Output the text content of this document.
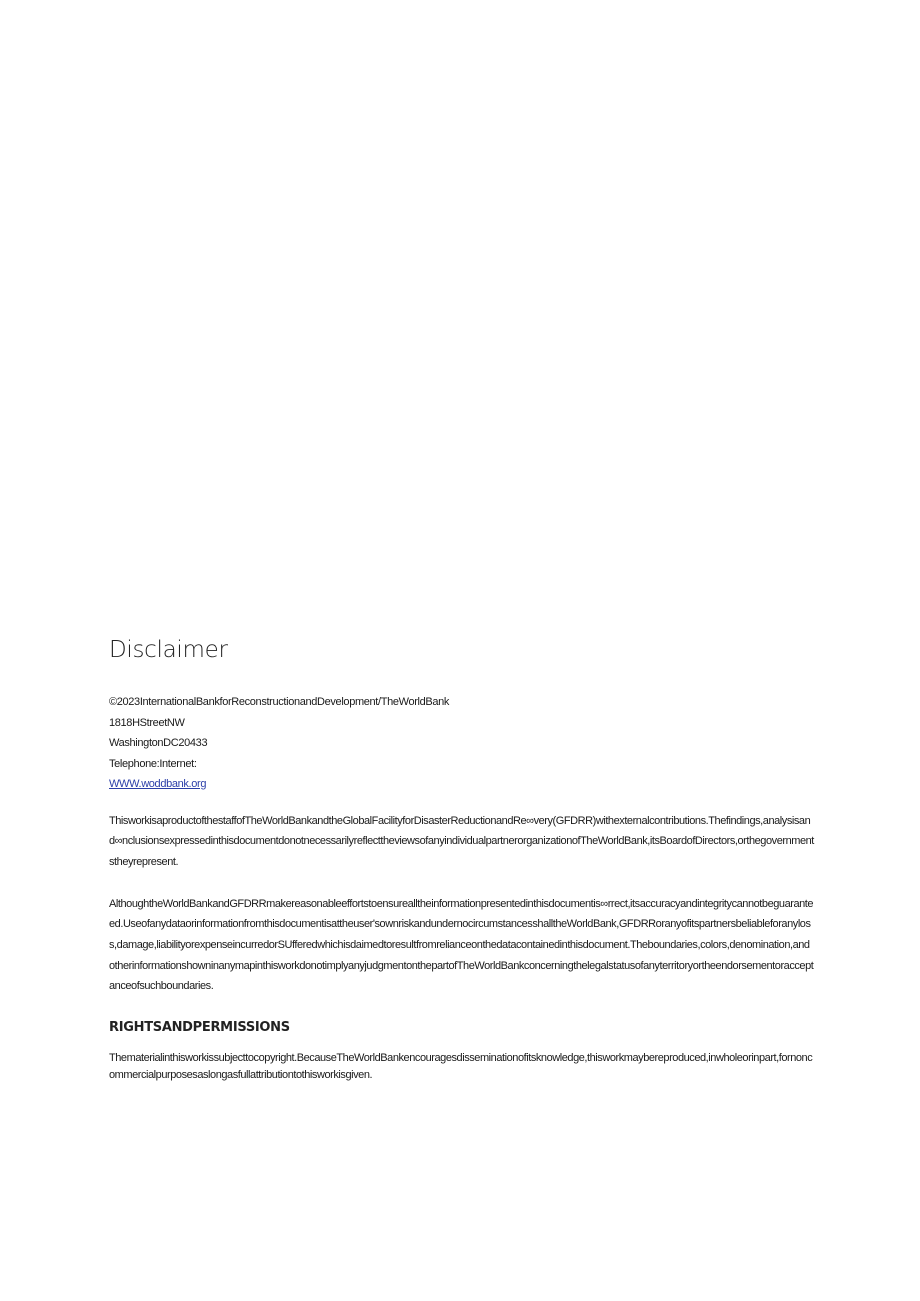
Disclaimer
©2023InternationalBankforReconstructionandDevelopment/TheWorldBank
1818HStreetNW
WashingtonDC20433
Telephone:Internet:
WWW.woddbank.org

ThisworkisaproductofthestaffofTheWorldBankandtheGlobalFacilityforDisasterReductionandRe∞very(GFDRR)withexternalcontributions.Thefindings,analysisand∞nclusionsexpressedinthisdocumentdonotnecessarilyreflecttheviewsofanyindividualpartnerorganizationofTheWorldBank,itsBoardofDirectors,orthegovernmentstheyrepresent.

AlthoughtheWorldBankandGFDRRmakereasonableeffortstoensurealltheinformationpresentedinthisdocumentis∞rrect,itsaccuracyandintegritycannotbeguaranteed.Useofanydataorinformationfromthisdocumentisattheuser'sownriskandundernocircumstancesshalltheWorldBank,GFDRRoranyofitspartnersbeliableforanyloss,damage,liabilityorexpenseincurredorSUfferedwhichisdaimedtoresultfromrelianceonthedatacontainedinthisdocument.Theboundaries,colors,denomination,andotherinformationshowninanymapinthisworkdonotimplyanyjudgmentonthepartofTheWorldBankconcerningthelegalstatusofanyterritoryortheendorsementoracceptanceofsuchboundaries.

RIGHTSANDPERMISSIONS

Thematerialinthisworkissubjecttocopyright.BecauseTheWorldBankencouragesdisseminationofitsknowledge,thisworkmaybereproduced,inwholeorinpart,fornoncommercialpurposesaslongasfullattributiontothisworkisgiven.
